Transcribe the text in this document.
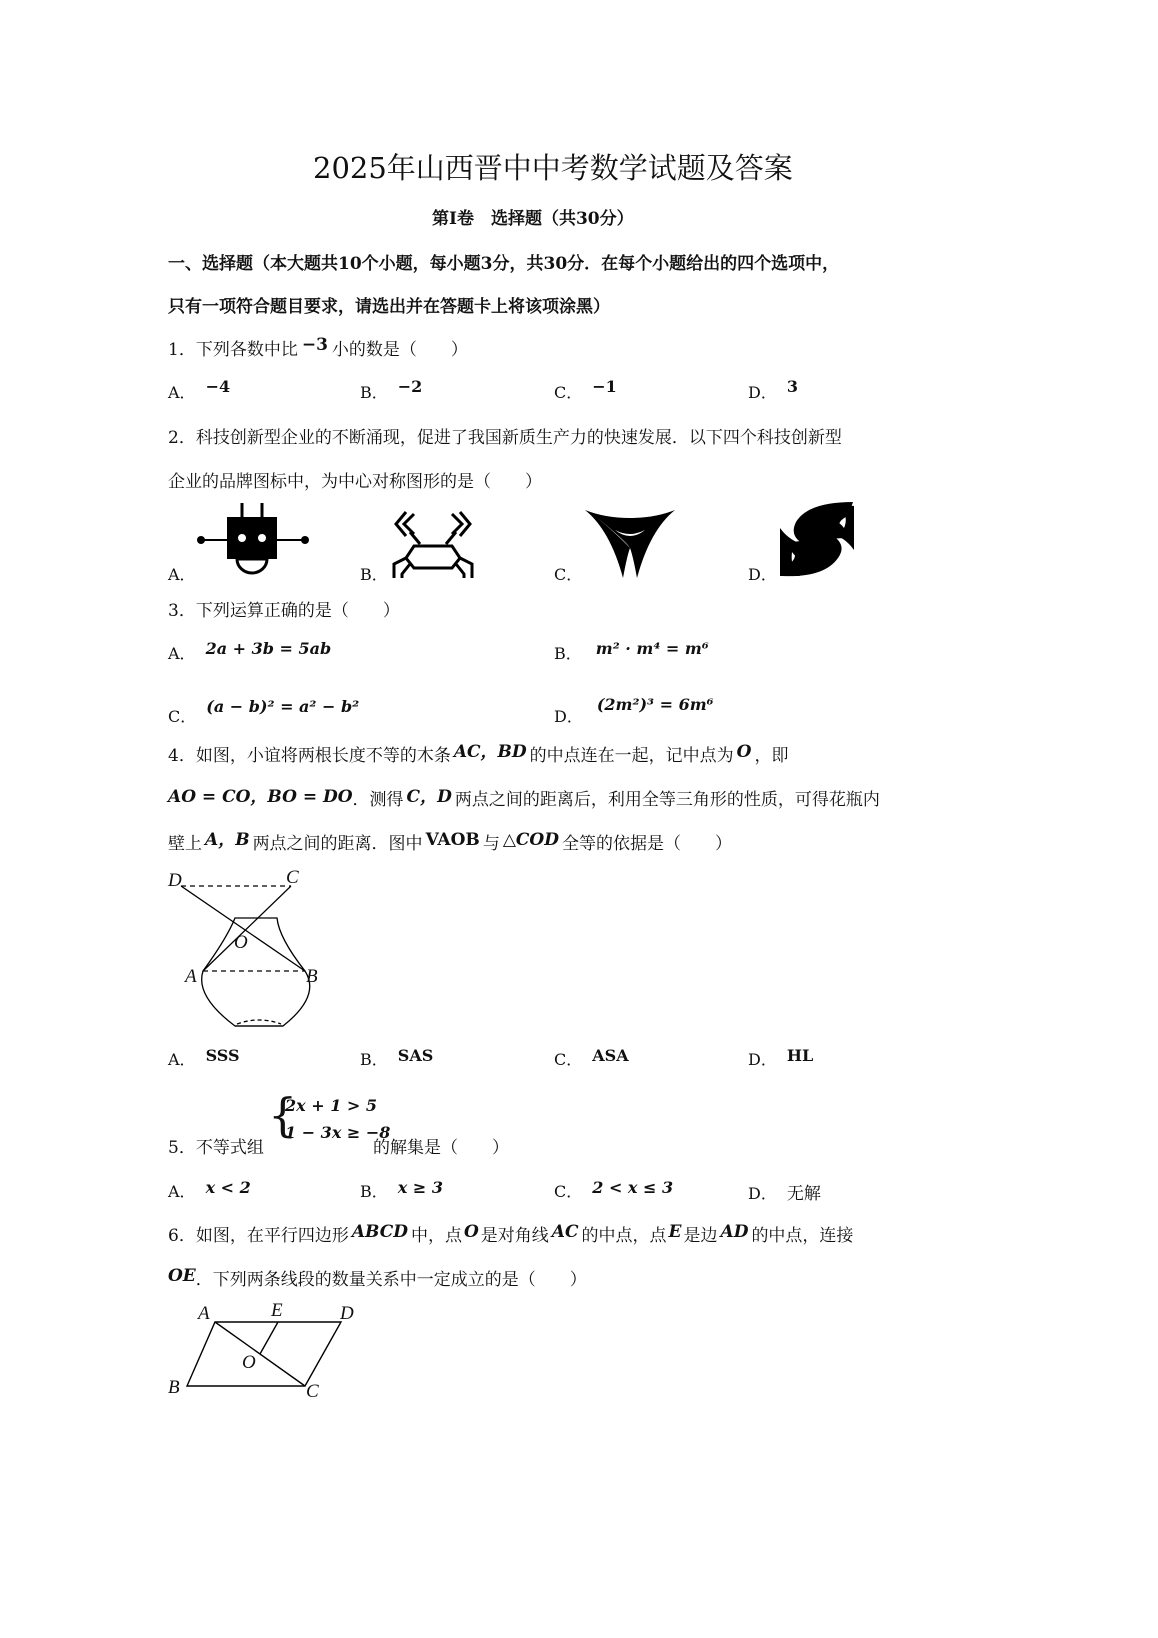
2025年山西晋中中考数学试题及答案
第Ⅰ卷　选择题（共30分）
一、选择题（本大题共10个小题，每小题3分，共30分．在每个小题给出的四个选项中，
只有一项符合题目要求，请选出并在答题卡上将该项涂黑）
1．下列各数中比 −3 小的数是（　　）
A． −4	B． −2	C． −1	D． 3
2．科技创新型企业的不断涌现，促进了我国新质生产力的快速发展．以下四个科技创新型
企业的品牌图标中，为中心对称图形的是（　　）
A．	B．	C．	D．
3．下列运算正确的是（　　）
A． 2a + 3b = 5ab	B． m² · m⁴ = m⁶
C．(a − b)² = a² − b²
D．(2m²)³ = 6m⁶
4．如图，小谊将两根长度不等的木条 AC，BD 的中点连在一起，记中点为 O ，即
AO = CO，BO = DO．测得 C，D 两点之间的距离后，利用全等三角形的性质，可得花瓶内
壁上 A，B 两点之间的距离．图中 VAOB 与 △COD 全等的依据是（　　）
D	C
O
A	B
A． SSS	B． SAS	C． ASA	D． HL
5．不等式组
{
2x + 1 > 5
1 − 3x ≥ −8
的解集是（　　）
A． x < 2	B． x ≥ 3	C． 2 < x ≤ 3	D． 无解
6．如图，在平行四边形 ABCD 中，点 O 是对角线 AC 的中点，点 E 是边 AD 的中点，连接
OE．下列两条线段的数量关系中一定成立的是（　　）
A	E	D
O
B	C
